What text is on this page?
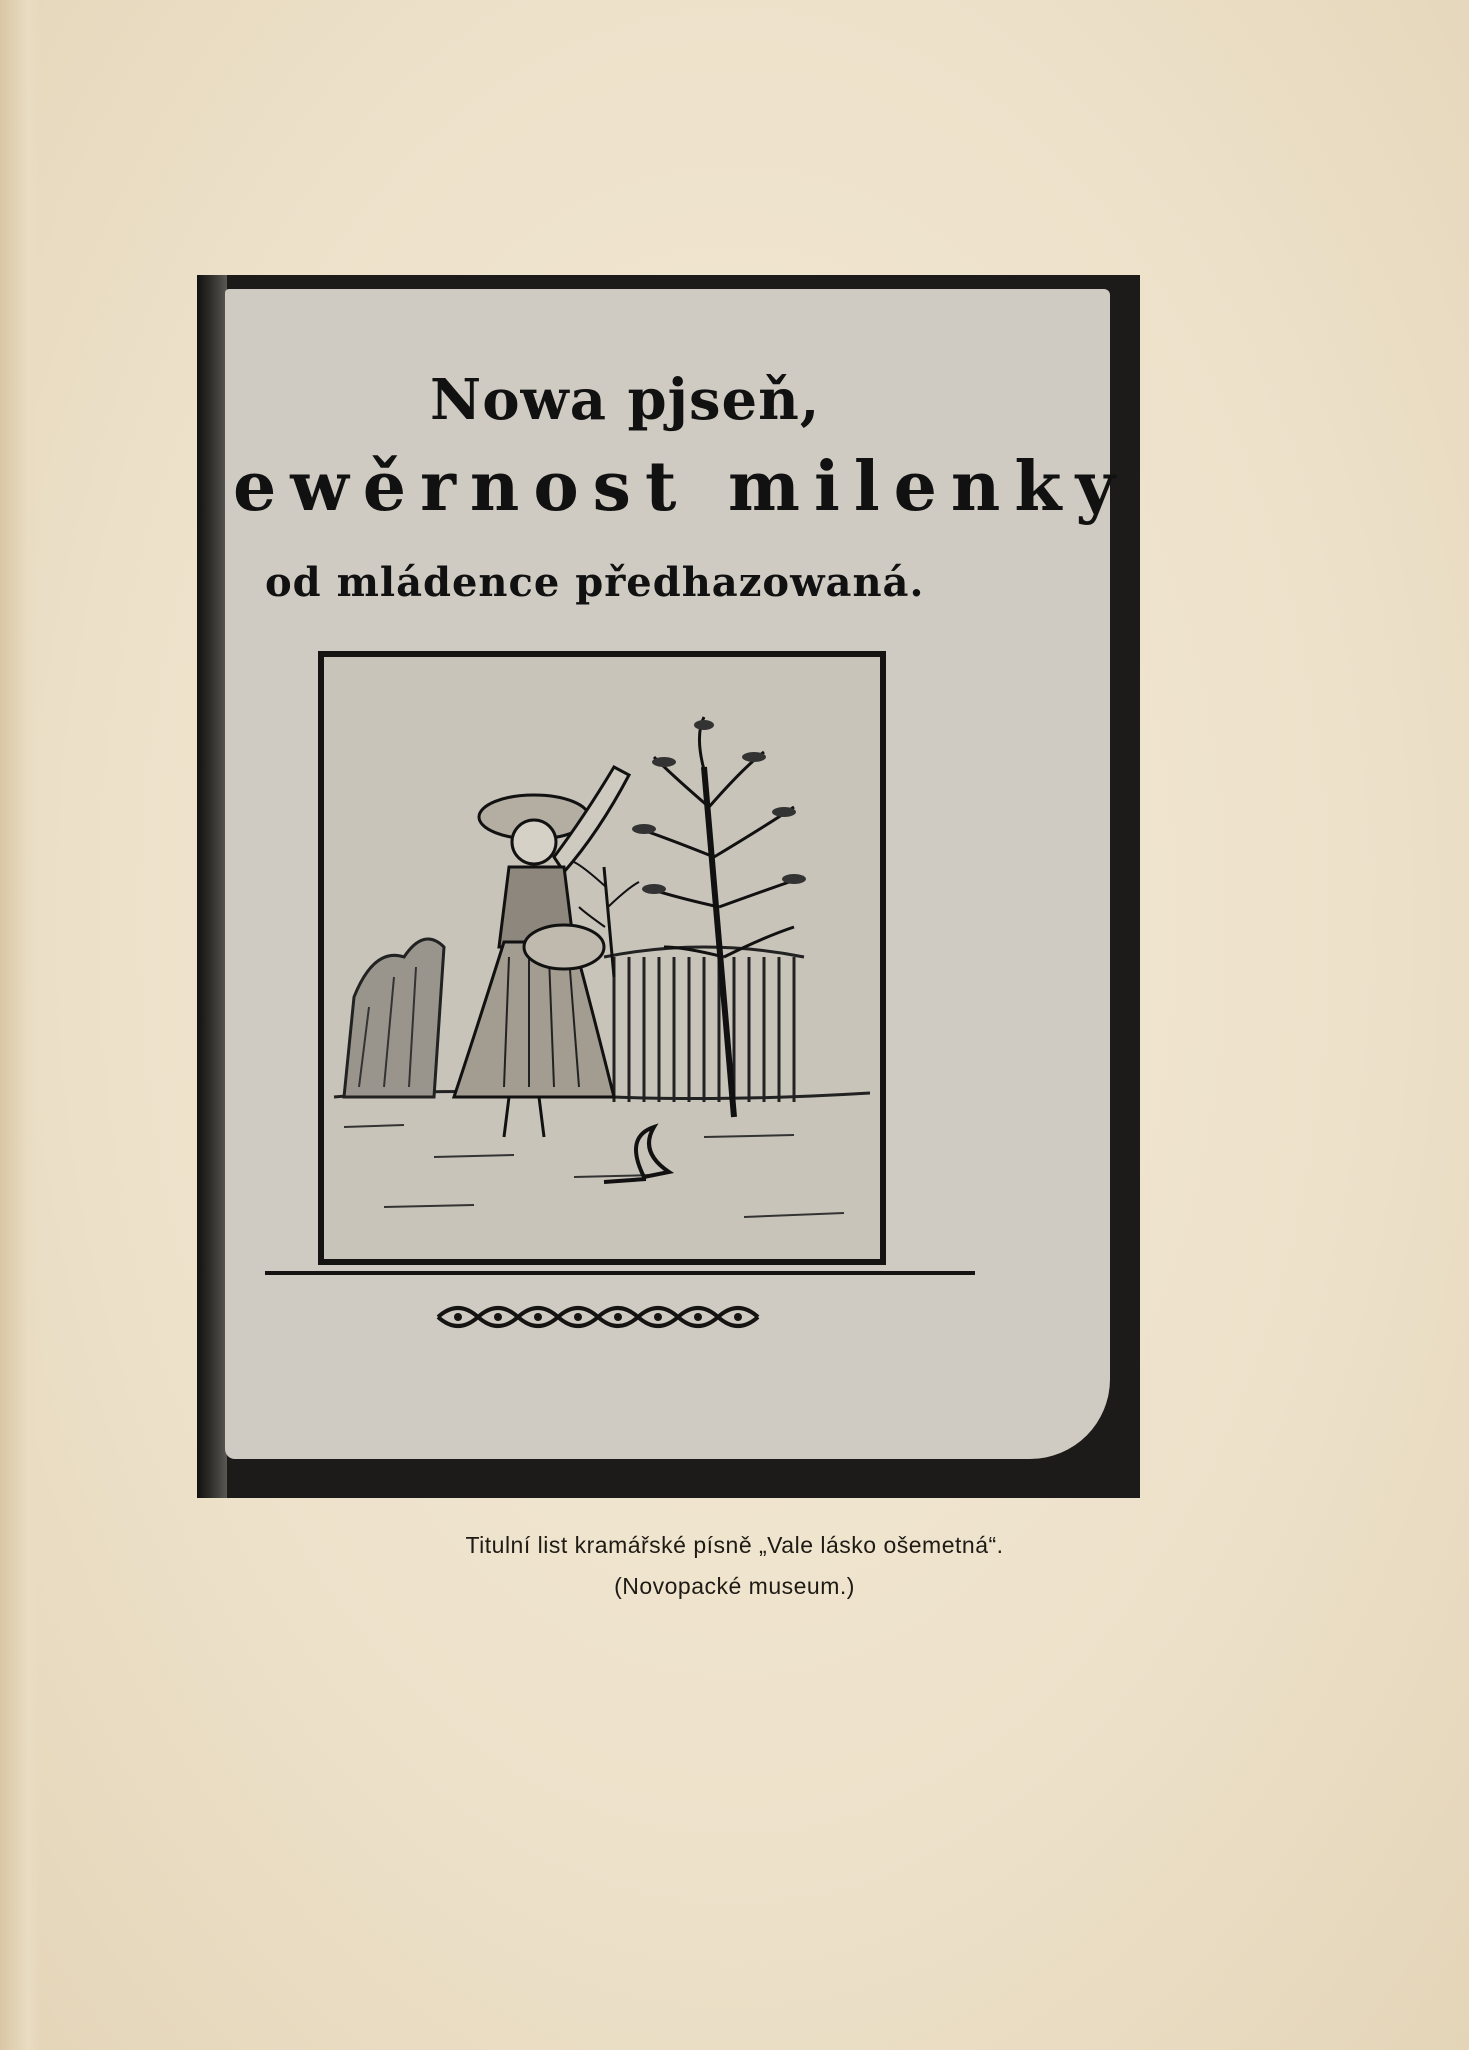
Nowa pjseň,
ewěrnost milenky
od mládence předhazowaná.
Titulní list kramářské písně „Vale lásko ošemetná“.
(Novopacké museum.)
